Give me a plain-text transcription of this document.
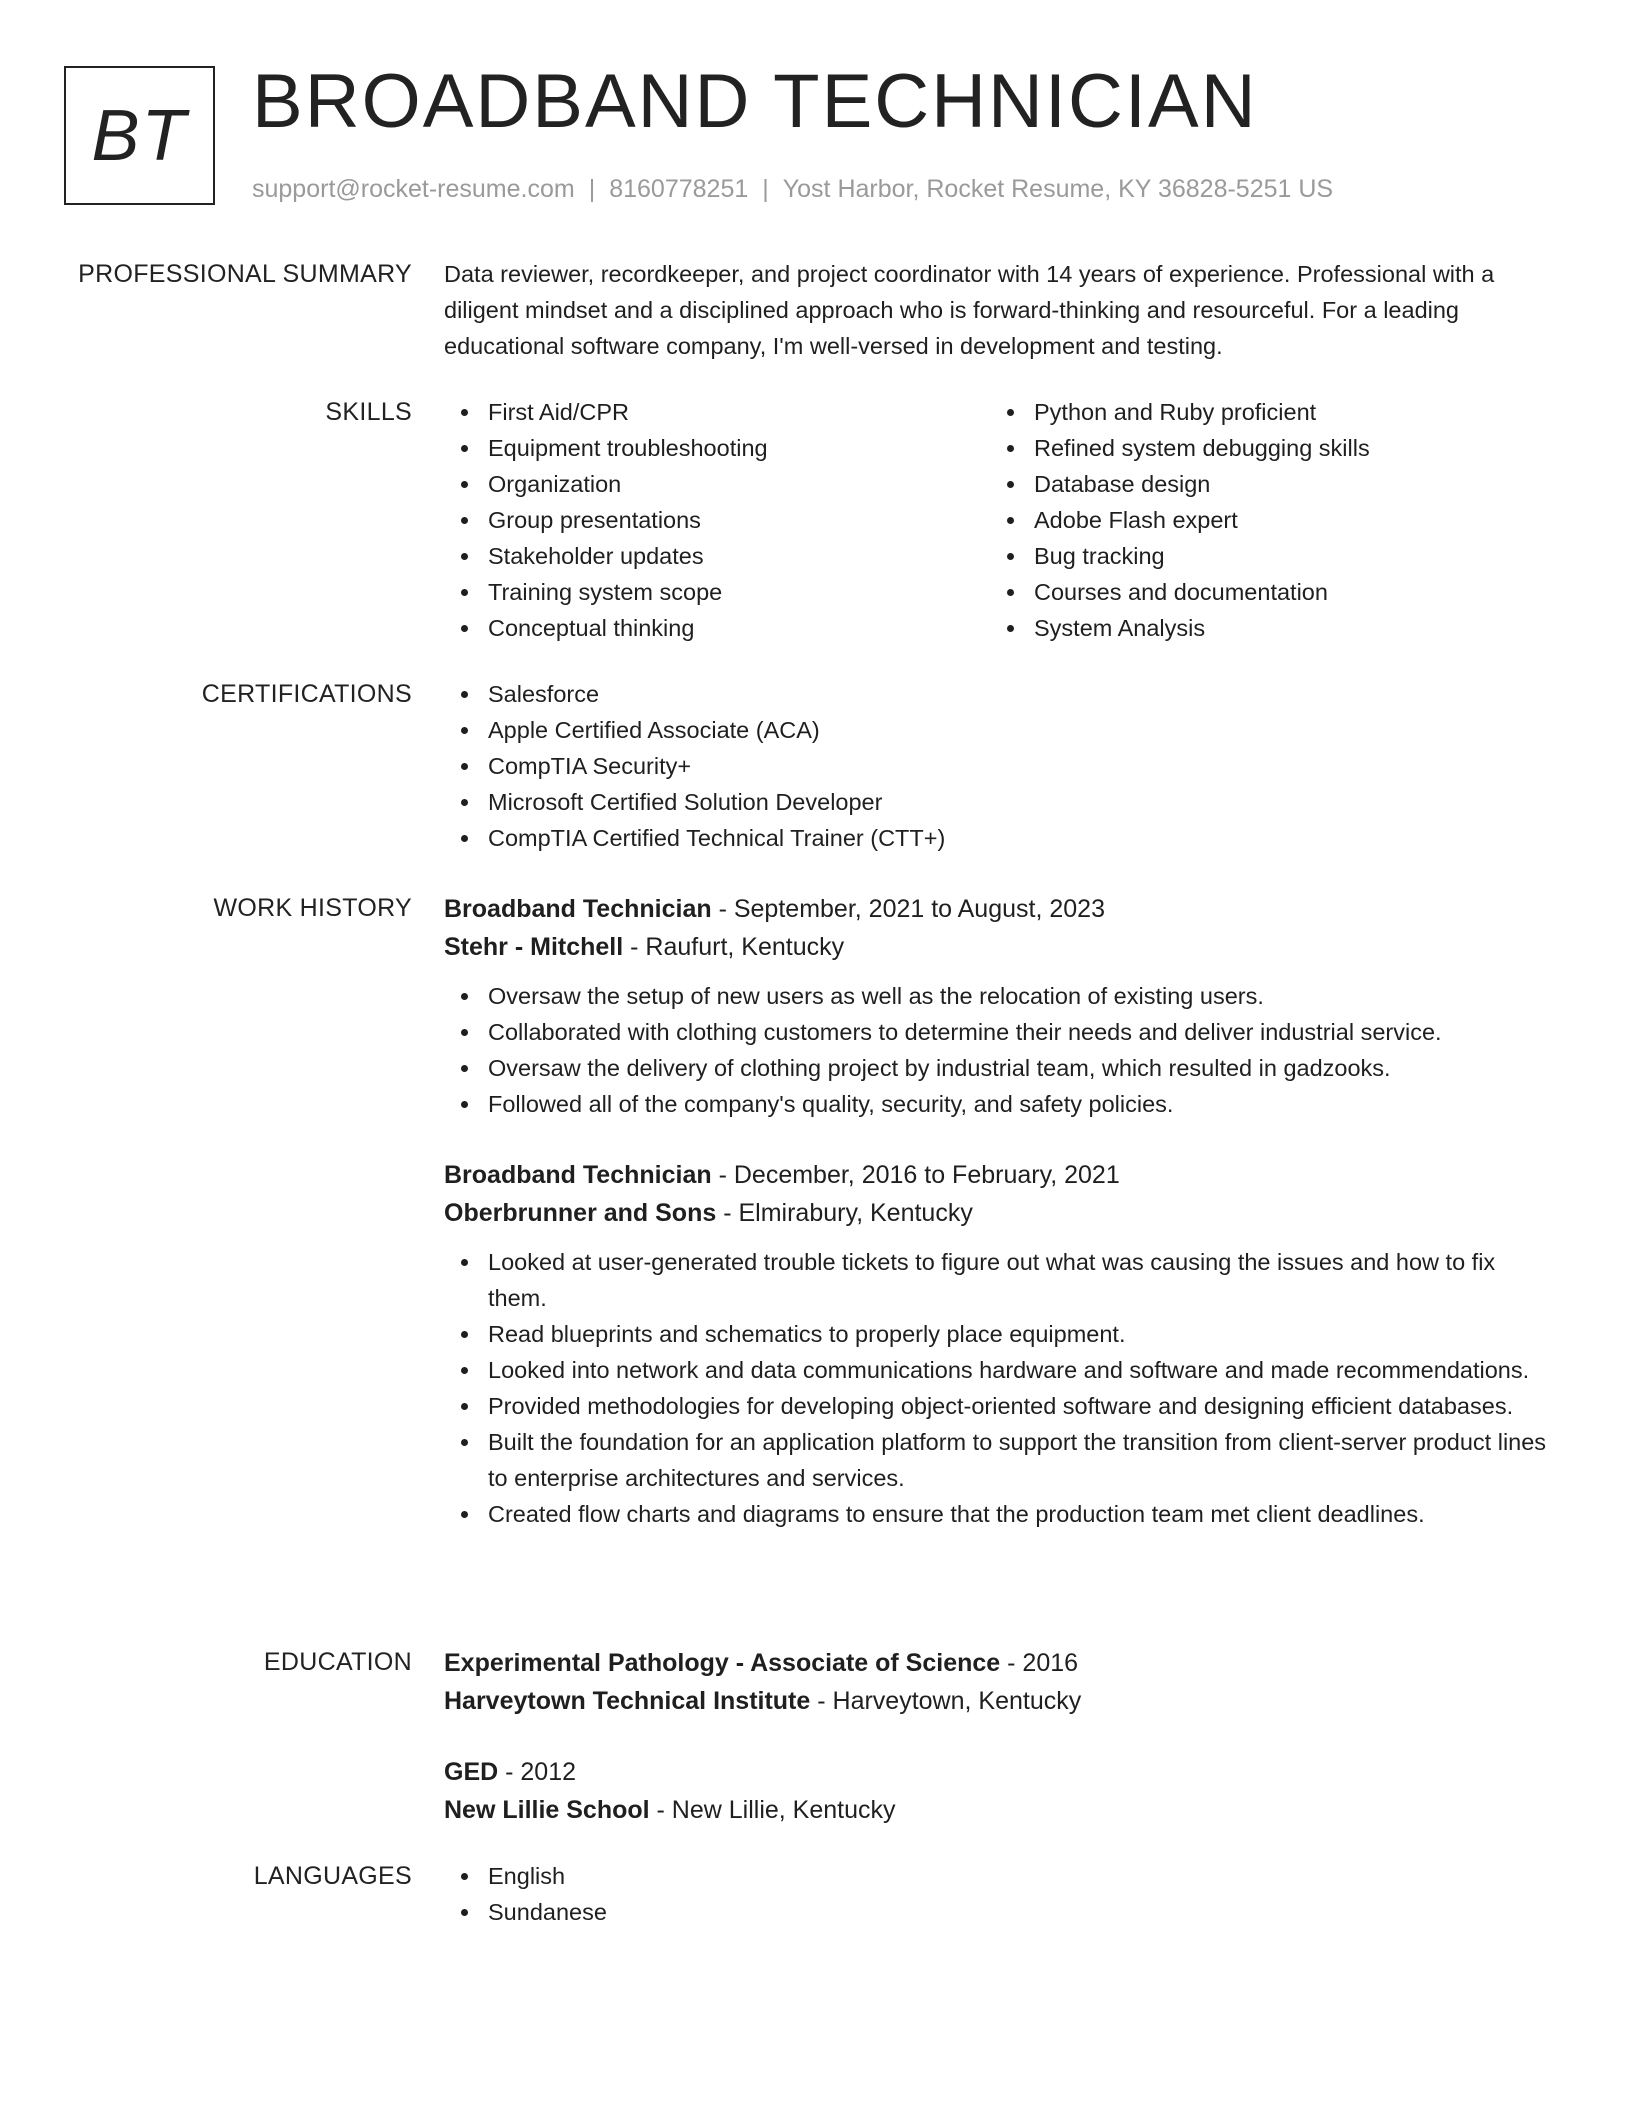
BT BROADBAND TECHNICIAN
support@rocket-resume.com | 8160778251 | Yost Harbor, Rocket Resume, KY 36828-5251 US
PROFESSIONAL SUMMARY Data reviewer, recordkeeper, and project coordinator with 14 years of experience. Professional with a diligent mindset and a disciplined approach who is forward-thinking and resourceful. For a leading educational software company, I'm well-versed in development and testing.

SKILLS	First Aid/CPR
Equipment troubleshooting
Organization
Group presentations
Stakeholder updates
Training system scope
Conceptual thinking
Python and Ruby proficient
Refined system debugging skills
Database design
Adobe Flash expert
Bug tracking
Courses and documentation
System Analysis
CERTIFICATIONS	Salesforce
Apple Certified Associate (ACA)
CompTIA Security+
Microsoft Certified Solution Developer
CompTIA Certified Technical Trainer (CTT+)
WORK HISTORY Broadband Technician - September, 2021 to August, 2023
Stehr - Mitchell - Raufurt, Kentucky
Oversaw the setup of new users as well as the relocation of existing users.
Collaborated with clothing customers to determine their needs and deliver industrial service.
Oversaw the delivery of clothing project by industrial team, which resulted in gadzooks.
Followed all of the company's quality, security, and safety policies.
Broadband Technician - December, 2016 to February, 2021
Oberbrunner and Sons - Elmirabury, Kentucky
Looked at user-generated trouble tickets to figure out what was causing the issues and how to fix them.
Read blueprints and schematics to properly place equipment.
Looked into network and data communications hardware and software and made recommendations.
Provided methodologies for developing object-oriented software and designing efficient databases.
Built the foundation for an application platform to support the transition from client-server product lines to enterprise architectures and services.
Created flow charts and diagrams to ensure that the production team met client deadlines.
EDUCATION Experimental Pathology - Associate of Science - 2016
Harveytown Technical Institute - Harveytown, Kentucky
GED - 2012
New Lillie School - New Lillie, Kentucky
LANGUAGES	English
Sundanese
